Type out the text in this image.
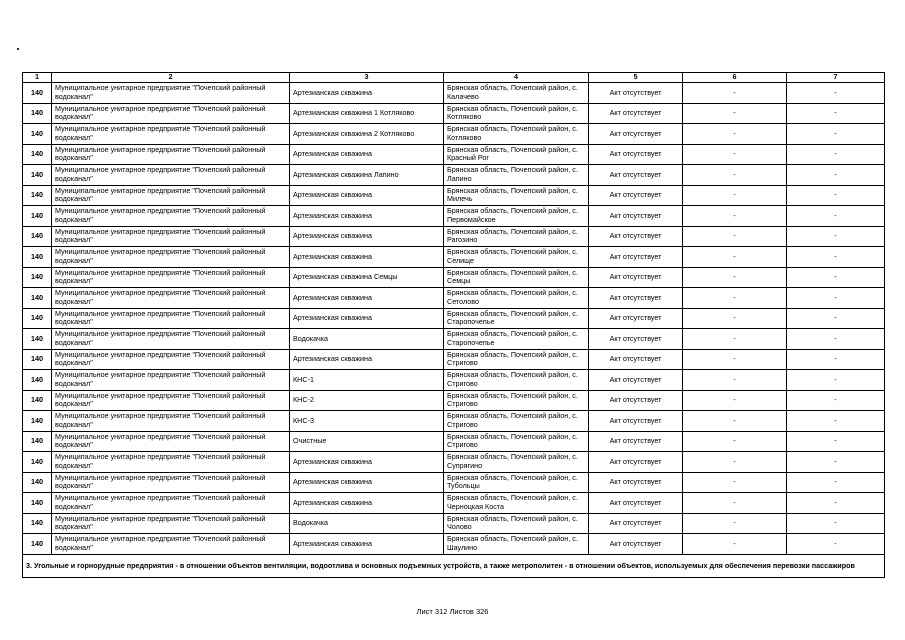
1	2	3	4	5	6	7
140	Муниципальное унитарное предприятие "Почепский районный водоканал"	Артезианская скважина	Брянская область, Почепский район, с. Калачево	Акт отсутствует	-	-
140	Муниципальное унитарное предприятие "Почепский районный водоканал"	Артезианская скважина 1 Котляково	Брянская область, Почепский район, с. Котляково	Акт отсутствует	-	-
140	Муниципальное унитарное предприятие "Почепский районный водоканал"	Артезианская скважина 2 Котляково	Брянская область, Почепский район, с. Котляково	Акт отсутствует	-	-
140	Муниципальное унитарное предприятие "Почепский районный водоканал"	Артезианская скважина	Брянская область, Почепский район, с. Красный Рог	Акт отсутствует	-	-
140	Муниципальное унитарное предприятие "Почепский районный водоканал"	Артезианская скважина Лапино	Брянская область, Почепский район, с. Лапино	Акт отсутствует	-	-
140	Муниципальное унитарное предприятие "Почепский районный водоканал"	Артезианская скважина	Брянская область, Почепский район, с. Милечь	Акт отсутствует	-	-
140	Муниципальное унитарное предприятие "Почепский районный водоканал"	Артезианская скважина	Брянская область, Почепский район, с. Первомайское	Акт отсутствует	-	-
140	Муниципальное унитарное предприятие "Почепский районный водоканал"	Артезианская скважина	Брянская область, Почепский район, с. Рагозино	Акт отсутствует	-	-
140	Муниципальное унитарное предприятие "Почепский районный водоканал"	Артезианская скважина	Брянская область, Почепский район, с. Селище	Акт отсутствует	-	-
140	Муниципальное унитарное предприятие "Почепский районный водоканал"	Артезианская скважина Семцы	Брянская область, Почепский район, с. Семцы	Акт отсутствует	-	-
140	Муниципальное унитарное предприятие "Почепский районный водоканал"	Артезианская скважина	Брянская область, Почепский район, с. Сетолово	Акт отсутствует	-	-
140	Муниципальное унитарное предприятие "Почепский районный водоканал"	Артезианская скважина	Брянская область, Почепский район, с. Старопочепье	Акт отсутствует	-	-
140	Муниципальное унитарное предприятие "Почепский районный водоканал"	Водокачка	Брянская область, Почепский район, с. Старопочепье	Акт отсутствует	-	-
140	Муниципальное унитарное предприятие "Почепский районный водоканал"	Артезианская скважина	Брянская область, Почепский район, с. Стригово	Акт отсутствует	-	-
140	Муниципальное унитарное предприятие "Почепский районный водоканал"	КНС-1	Брянская область, Почепский район, с. Стригово	Акт отсутствует	-	-
140	Муниципальное унитарное предприятие "Почепский районный водоканал"	КНС-2	Брянская область, Почепский район, с. Стригово	Акт отсутствует	-	-
140	Муниципальное унитарное предприятие "Почепский районный водоканал"	КНС-3	Брянская область, Почепский район, с. Стригово	Акт отсутствует	-	-
140	Муниципальное унитарное предприятие "Почепский районный водоканал"	Очистные	Брянская область, Почепский район, с. Стригово	Акт отсутствует	-	-
140	Муниципальное унитарное предприятие "Почепский районный водоканал"	Артезианская скважина	Брянская область, Почепский район, с. Супрягино	Акт отсутствует	-	-
140	Муниципальное унитарное предприятие "Почепский районный водоканал"	Артезианская скважина	Брянская область, Почепский район, с. Тубольцы	Акт отсутствует	-	-
140	Муниципальное унитарное предприятие "Почепский районный водоканал"	Артезианская скважина	Брянская область, Почепский район, с. Черноцкая Коста	Акт отсутствует	-	-
140	Муниципальное унитарное предприятие "Почепский районный водоканал"	Водокачка	Брянская область, Почепский район, с. Чолово	Акт отсутствует	-	-
140	Муниципальное унитарное предприятие "Почепский районный водоканал"	Артезианская скважина	Брянская область, Почепский район, с. Шаулино	Акт отсутствует	-	-
3. Угольные и горнорудные предприятия - в отношении объектов вентиляции, водоотлива и основных подъемных устройств, а также метрополитен - в отношении объектов, используемых для обеспечения перевозки пассажиров						
Лист 312 Листов 326
